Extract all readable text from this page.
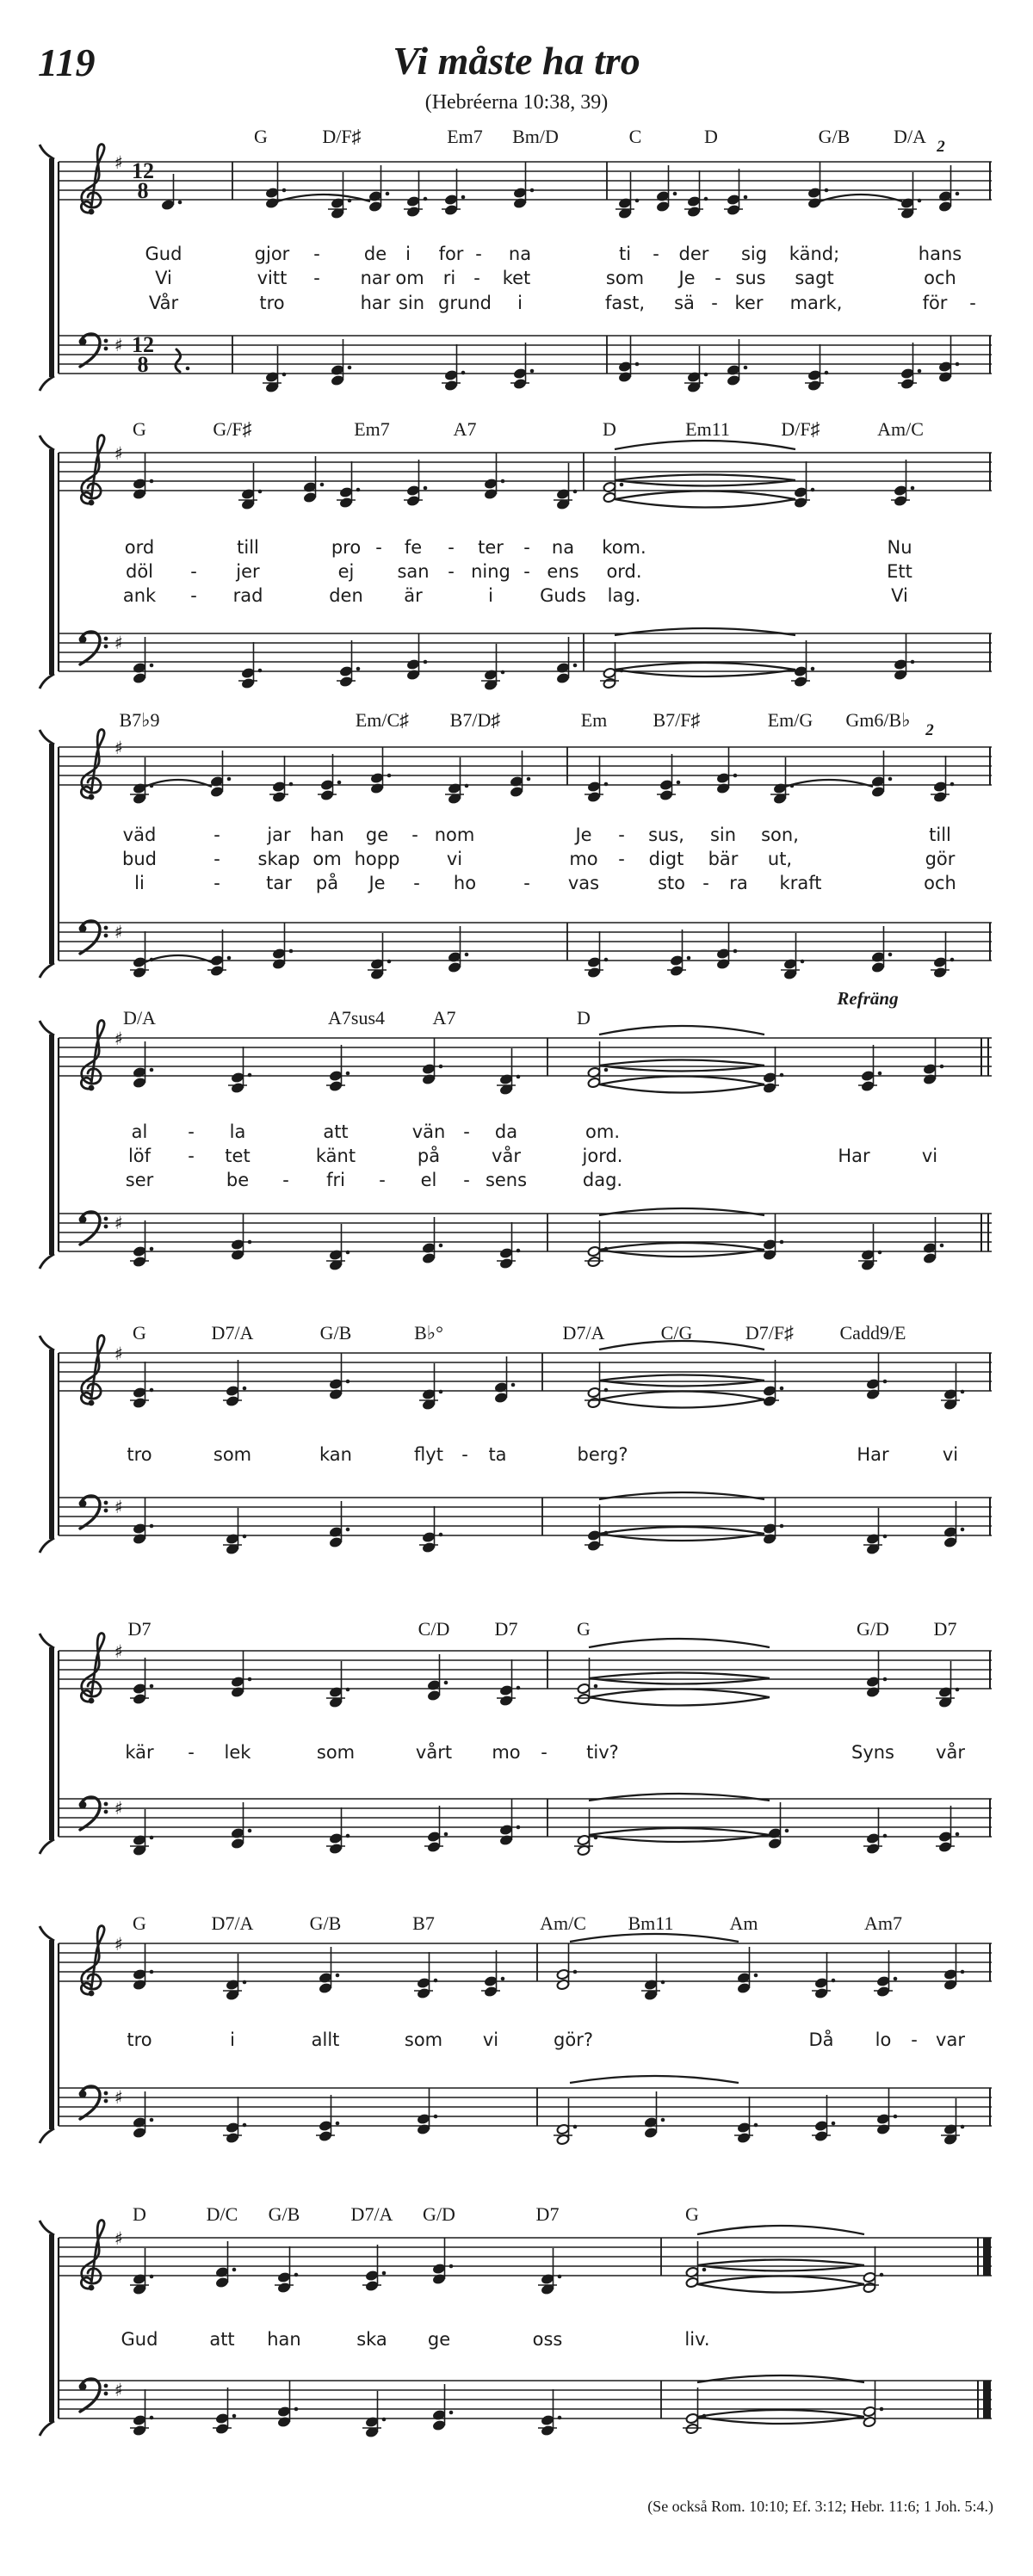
♯
♯
12
8
12
8
♯
♯
♯
♯
♯
♯
♯
♯
♯
♯
♯
♯
♯
♯
119	Vi måste ha tro
(Hebréerna 10:38, 39)
(Se också Rom. 10:10; Ef. 3:12; Hebr. 11:6; 1 Joh. 5:4.)
G	D/F♯	Em7 Bm/D	C	D	G/B D/A 2
Gud	gjor - de i for - na	ti - der sig känd;	hans
Vi	vitt - nar om ri - ket	som Je - sus sagt	och
Vår	tro	har sin grund i	fast, sä - ker mark,	för -
G	G/F♯	Em7	A7	D	Em11	D/F♯	Am/C
ord	till	pro - fe - ter - na kom.	Nu
döl - jer	ej san - ning - ens ord.	Ett
ank - rad	den är	i	Guds lag.	Vi
B7♭9	Em/C♯ B7/D♯	Em B7/F♯	Em/G Gm6/B♭ 2
väd	-	jar han ge - nom	Je - sus, sin son,	till
bud	- skap om hopp	vi	mo - digt bär ut,	gör
li	-	tar på Je - ho	- vas	sto - ra kraft	och
D/A	A7sus4	A7	D
Refräng
al - la	att	vän - da	om.
löf - tet	känt	på	vår	jord.	Har	vi
ser	be - fri - el - sens	dag.
G	D7/A	G/B	B♭°	D7/A	C/G	D7/F♯ Cadd9/E
tro	som	kan	flyt - ta	berg?	Har	vi
D7	C/D D7	G	G/D D7
kär - lek	som	vårt mo - tiv?	Syns vår
G	D7/A	G/B	B7	Am/C Bm11	Am	Am7
tro	i	allt	som vi	gör?	Då lo - var
D	D/C G/B	D7/A G/D	D7	G
Gud	att han	ska ge	oss	liv.
